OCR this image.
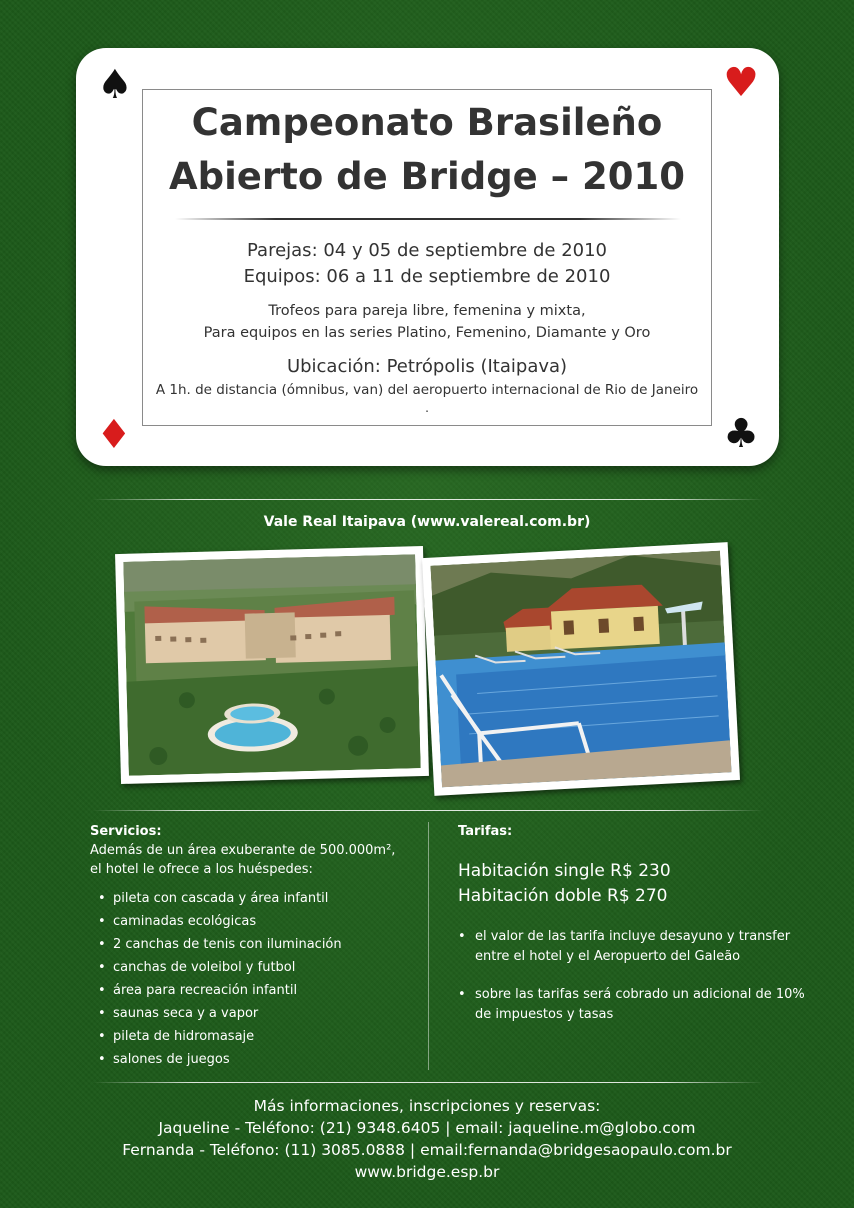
♠	♥
♦	♣
Campeonato Brasileño
Abierto de Bridge – 2010
Parejas: 04 y 05 de septiembre de 2010
Equipos: 06 a 11 de septiembre de 2010
Trofeos para pareja libre, femenina y mixta,
Para equipos en las series Platino, Femenino, Diamante y Oro
Ubicación: Petrópolis (Itaipava)
A 1h. de distancia (ómnibus, van) del aeropuerto internacional de Rio de Janeiro
.
Vale Real Itaipava (www.valereal.com.br)
Servicios:
Además de un área exuberante de 500.000m²,
el hotel le ofrece a los huéspedes:
• pileta con cascada y área infantil
• caminadas ecológicas
• 2 canchas de tenis con iluminación
• canchas de voleibol y futbol
• área para recreación infantil
• saunas seca y a vapor
• pileta de hidromasaje
• salones de juegos
Tarifas:
Habitación single R$ 230
Habitación doble R$ 270
• el valor de las tarifa incluye desayuno y transfer entre el hotel y el Aeropuerto del Galeão
• sobre las tarifas será cobrado un adicional de 10% de impuestos y tasas
Más informaciones, inscripciones y reservas:
Jaqueline - Teléfono: (21) 9348.6405 | email: jaqueline.m@globo.com
Fernanda - Teléfono: (11) 3085.0888 | email:fernanda@bridgesaopaulo.com.br
www.bridge.esp.br
